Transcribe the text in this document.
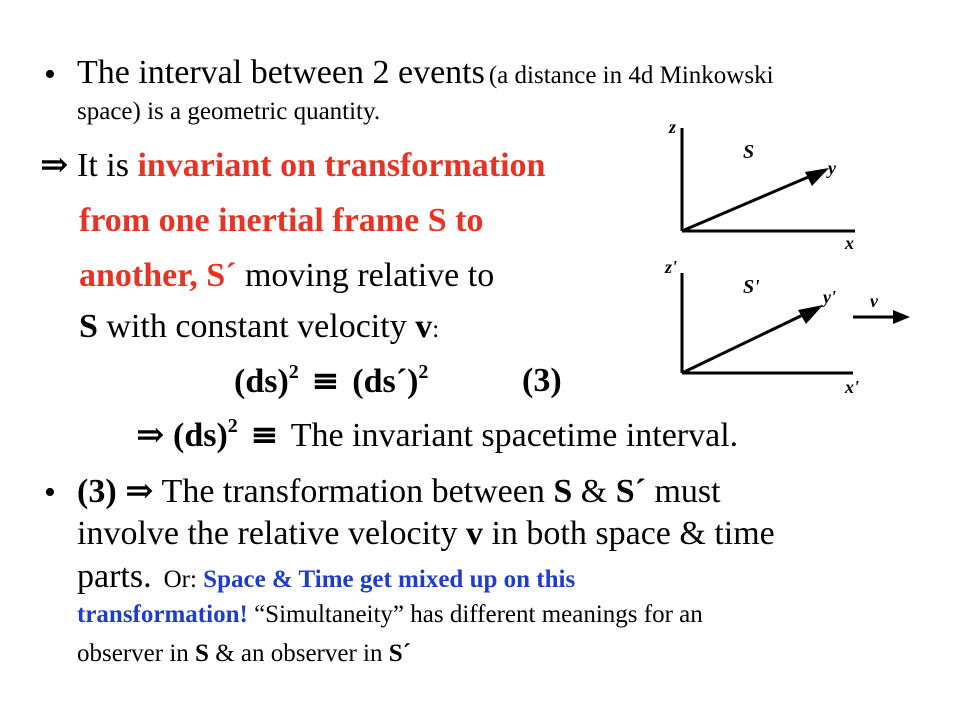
• The interval between 2 events (a distance in 4d Minkowski
space) is a geometric quantity.
⇒ It is invariant on transformation
from one inertial frame S to
another, S´ moving relative to
S with constant velocity v:
(ds)$^2$ ≡ (ds´)$^2$	(3)
⇒ (ds)$^2$ ≡ The invariant spacetime interval.
• (3) ⇒ The transformation between S & S´ must
involve the relative velocity v in both space & time
parts. Or: Space & Time get mixed up on this
transformation! “Simultaneity” has different meanings for an
observer in S & an observer in S´
z
S
y
x
z'
S'	y' v
x'
